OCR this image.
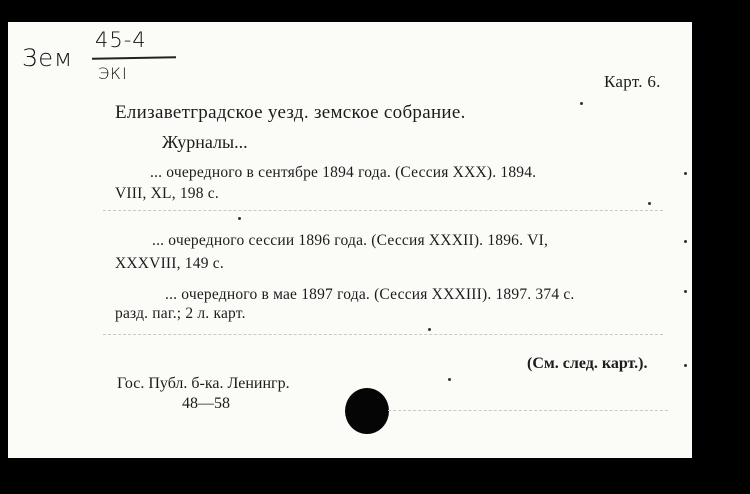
Зем
45-4
ЭКІ	Карт. 6.
Елизаветградское уезд. земское собрание.
Журналы...
... очередного в сентябре 1894 года. (Сессия XXX). 1894.
VIII, XL, 198 с.
... очередного сессии 1896 года. (Сессия XXXII). 1896. VI,
XXXVIII, 149 с.
... очередного в мае 1897 года. (Сессия XXXIII). 1897. 374 с.
разд. паг.; 2 л. карт.
(См. след. карт.).
Гос. Публ. б-ка. Ленингр.
48—58
